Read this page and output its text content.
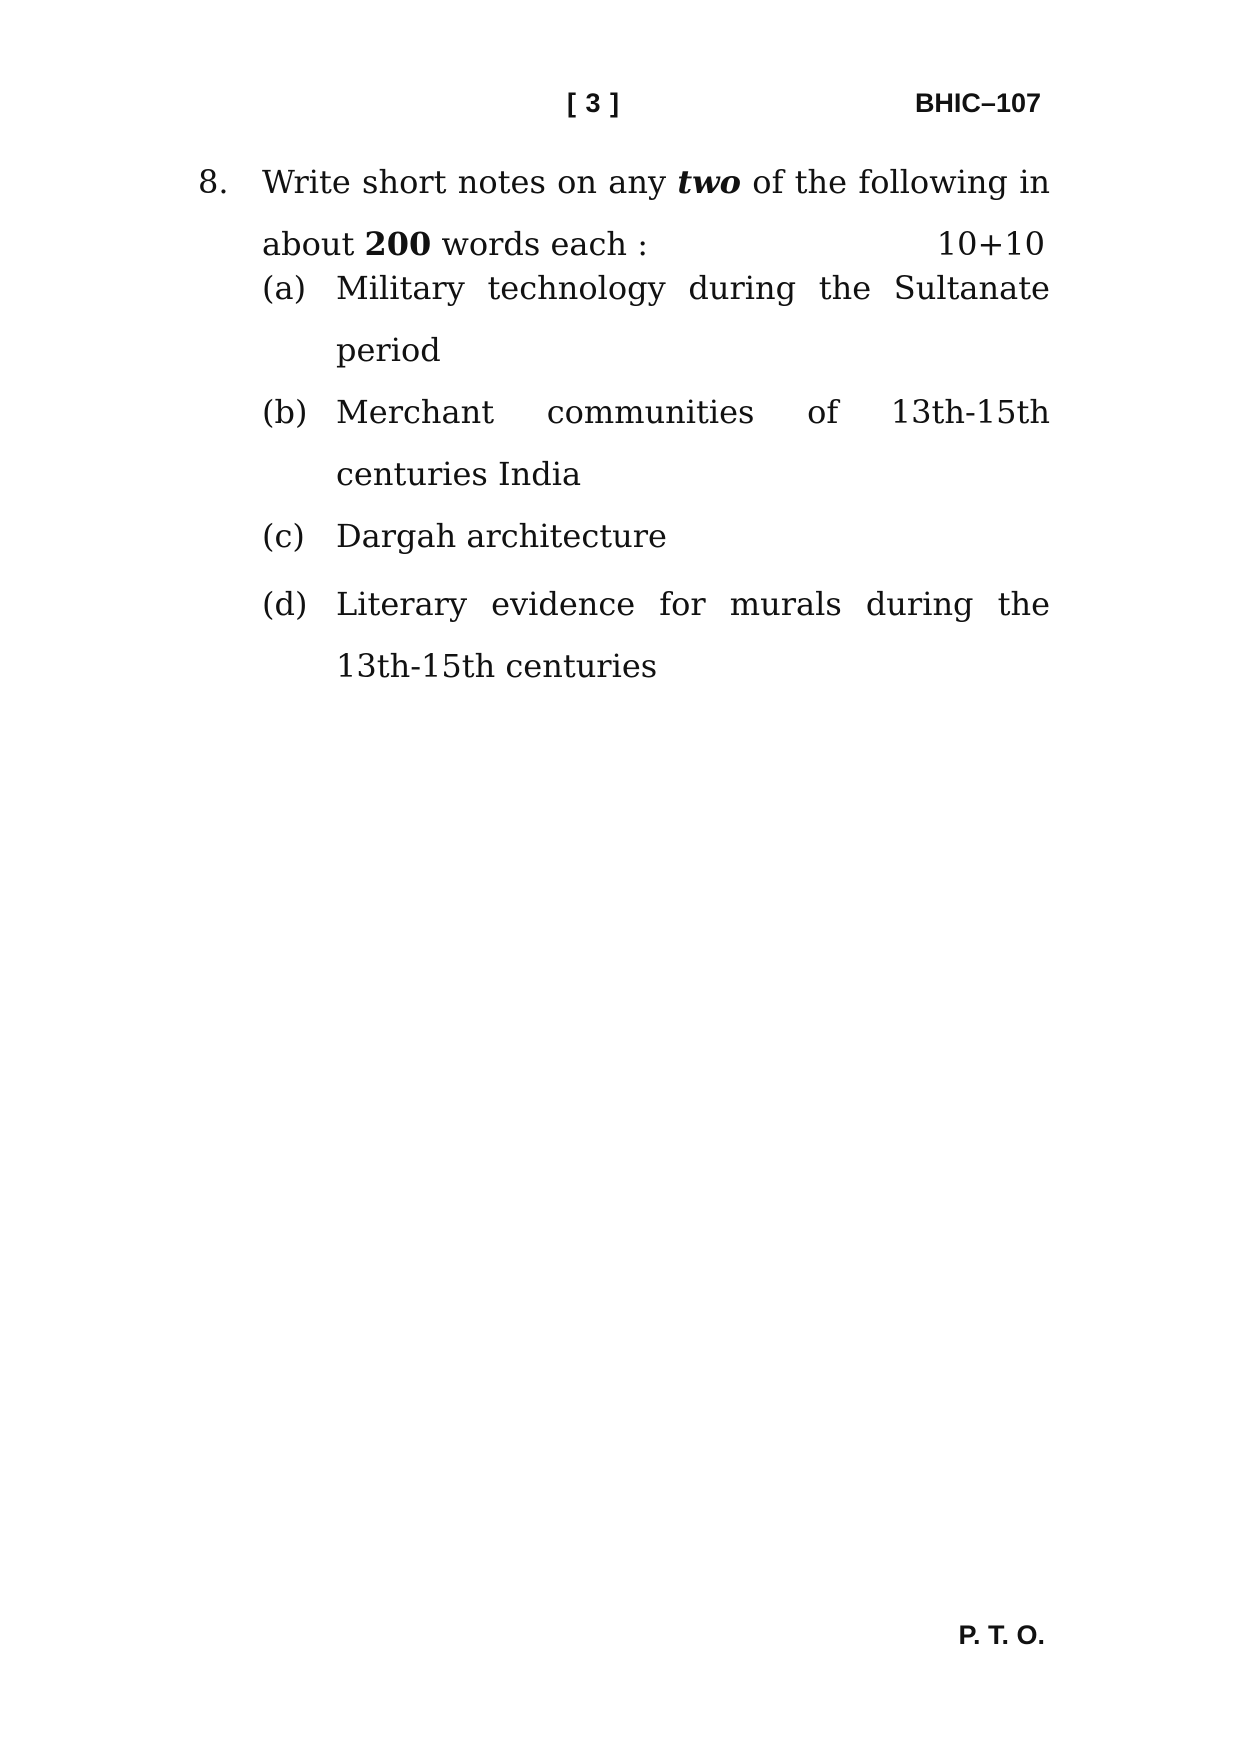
[ 3 ]	BHIC–107
8. Write short notes on any two of the following in
about 200 words each :	10+10
(a) Military technology during the Sultanate
period
(b) Merchant communities of 13th-15th
centuries India
(c) Dargah architecture
(d) Literary evidence for murals during the
13th-15th centuries
P. T. O.
